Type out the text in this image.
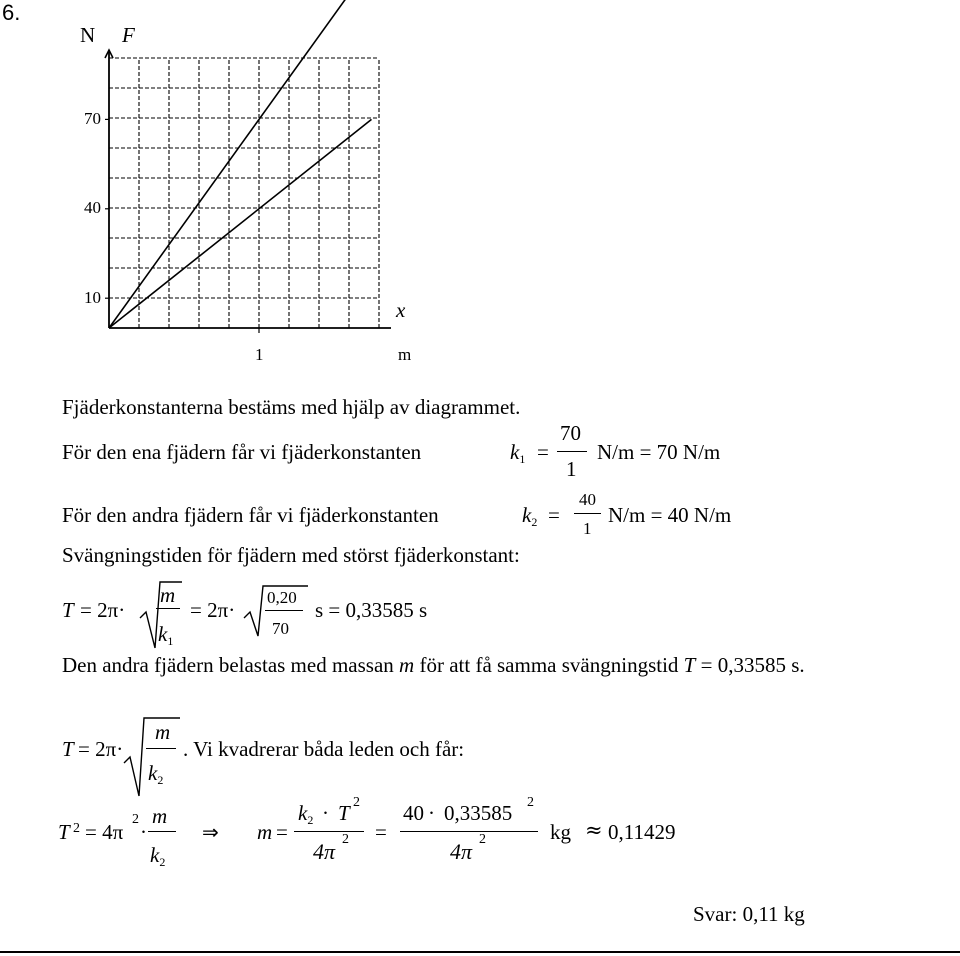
6.
N F
70
40
10
x
1	m
Fjäderkonstanterna bestäms med hjälp av diagrammet.
För den ena fjädern får vi fjäderkonstanten	k1 =
70
1
N/m = 70 N/m
För den andra fjädern får vi fjäderkonstanten	k2 =
40
1
N/m = 40 N/m
Svängningstiden för fjädern med störst fjäderkonstant:
T = 2π·
m
k1
= 2π·
0,20
70
s = 0,33585 s
Den andra fjädern belastas med massan m för att få samma svängningstid T = 0,33585 s.
T = 2π·
m
k2
. Vi kvadrerar båda leden och får:
T 2 = 4π
2
·
m
k2
⇒ m =
k2 · T 2
4π 2 =
40 · 0,33585 2
4π 2	kg ≈ 0,11429
Svar: 0,11 kg
